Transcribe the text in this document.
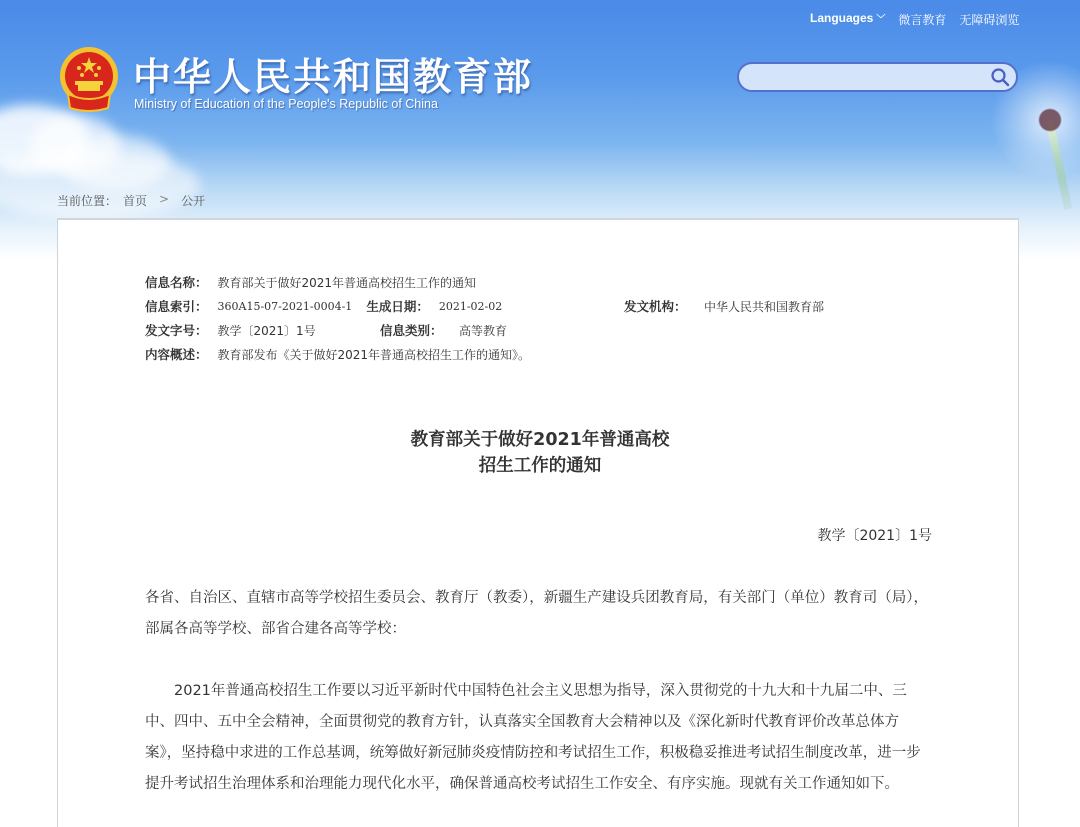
Languages ﹀ 微言教育 无障碍浏览
中华人民共和国教育部
Ministry of Education of the People's Republic of China
当前位置： 首页 > 公开
信息名称： 教育部关于做好2021年普通高校招生工作的通知
信息索引： 360A15-07-2021-0004-1 生成日期： 2021-02-02	发文机构： 中华人民共和国教育部
发文字号： 教学〔2021〕1号	信息类别： 高等教育
内容概述： 教育部发布《关于做好2021年普通高校招生工作的通知》。
教育部关于做好2021年普通高校
招生工作的通知
教学〔2021〕1号

各省、自治区、直辖市高等学校招生委员会、教育厅（教委），新疆生产建设兵团教育局，有关部门（单位）教育司（局），部属各高等学校、部省合建各高等学校：

2021年普通高校招生工作要以习近平新时代中国特色社会主义思想为指导，深入贯彻党的十九大和十九届二中、三中、四中、五中全会精神，全面贯彻党的教育方针，认真落实全国教育大会精神以及《深化新时代教育评价改革总体方案》，坚持稳中求进的工作总基调，统筹做好新冠肺炎疫情防控和考试招生工作，积极稳妥推进考试招生制度改革，进一步提升考试招生治理体系和治理能力现代化水平，确保普通高校考试招生工作安全、有序实施。现就有关工作通知如下。
